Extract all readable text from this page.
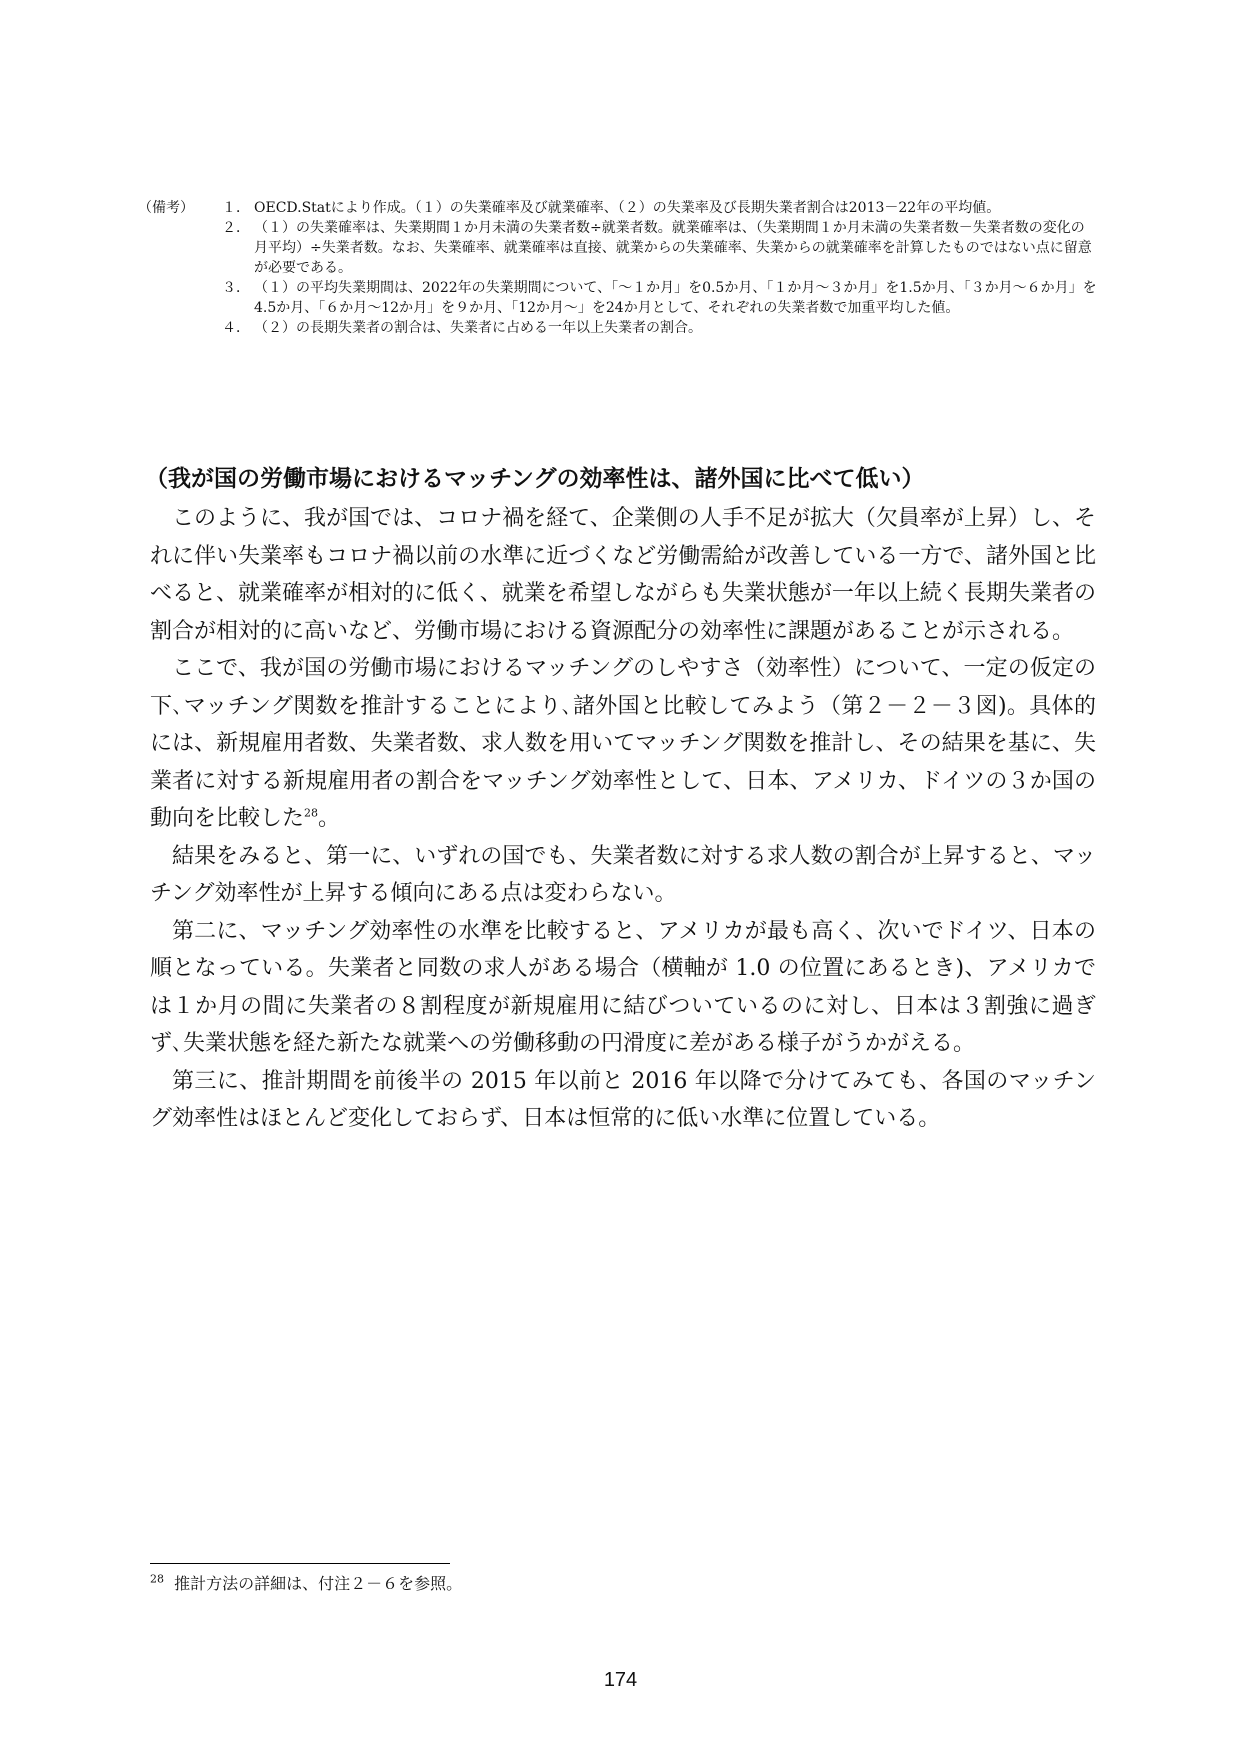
（備考）	１． OECD.Statにより作成。（１）の失業確率及び就業確率、（２）の失業率及び長期失業者割合は2013－22年の平均値。
２． （１）の失業確率は、失業期間１か月未満の失業者数÷就業者数。就業確率は、（失業期間１か月未満の失業者数－失業者数の変化の月平均）÷失業者数。なお、失業確率、就業確率は直接、就業からの失業確率、失業からの就業確率を計算したものではない点に留意が必要である。
３． （１）の平均失業期間は、2022年の失業期間について、「～１か月」を0.5か月、「１か月～３か月」を1.5か月、「３か月～６か月」を4.5か月、「６か月～12か月」を９か月、「12か月～」を24か月として、それぞれの失業者数で加重平均した値。
４． （２）の長期失業者の割合は、失業者に占める一年以上失業者の割合。
（我が国の労働市場におけるマッチングの効率性は、諸外国に比べて低い）

このように、我が国では、コロナ禍を経て、企業側の人手不足が拡大（欠員率が上昇）し、それに伴い失業率もコロナ禍以前の水準に近づくなど労働需給が改善している一方で、諸外国と比べると、就業確率が相対的に低く、就業を希望しながらも失業状態が一年以上続く長期失業者の割合が相対的に高いなど、労働市場における資源配分の効率性に課題があることが示される。

ここで、我が国の労働市場におけるマッチングのしやすさ（効率性）について、一定の仮定の下､マッチング関数を推計することにより､諸外国と比較してみよう（第２－２－３図)。具体的には、新規雇用者数、失業者数、求人数を用いてマッチング関数を推計し、その結果を基に、失業者に対する新規雇用者の割合をマッチング効率性として、日本、アメリカ、ドイツの３か国の動向を比較した$^{28}$。

結果をみると、第一に、いずれの国でも、失業者数に対する求人数の割合が上昇すると、マッチング効率性が上昇する傾向にある点は変わらない。

第二に、マッチング効率性の水準を比較すると、アメリカが最も高く、次いでドイツ、日本の順となっている。失業者と同数の求人がある場合（横軸が 1.0 の位置にあるとき)、アメリカでは１か月の間に失業者の８割程度が新規雇用に結びついているのに対し、日本は３割強に過ぎず､失業状態を経た新たな就業への労働移動の円滑度に差がある様子がうかがえる。

第三に、推計期間を前後半の 2015 年以前と 2016 年以降で分けてみても、各国のマッチング効率性はほとんど変化しておらず、日本は恒常的に低い水準に位置している。

$^{28}$ 推計方法の詳細は、付注２－６を参照。
174
